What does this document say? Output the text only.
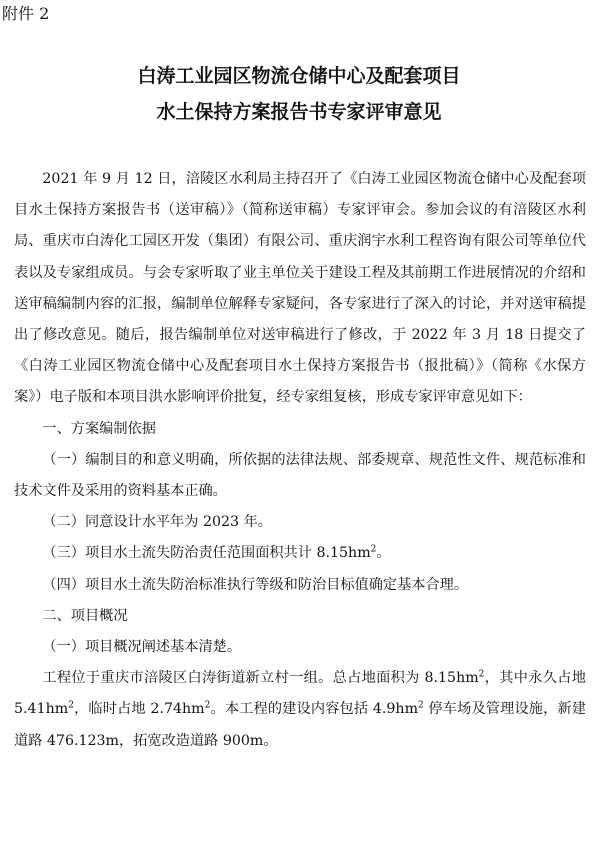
附件 2
白涛工业园区物流仓储中心及配套项目
水土保持方案报告书专家评审意见

2021 年 9 月 12 日，涪陵区水利局主持召开了《白涛工业园区物流仓储中心及配套项目水土保持方案报告书（送审稿）》（简称送审稿）专家评审会。参加会议的有涪陵区水利局、重庆市白涛化工园区开发（集团）有限公司、重庆润宇水利工程咨询有限公司等单位代表以及专家组成员。与会专家听取了业主单位关于建设工程及其前期工作进展情况的介绍和送审稿编制内容的汇报，编制单位解释专家疑问，各专家进行了深入的讨论，并对送审稿提出了修改意见。随后，报告编制单位对送审稿进行了修改，于 2022 年 3 月 18 日提交了《白涛工业园区物流仓储中心及配套项目水土保持方案报告书（报批稿）》（简称《水保方案》）电子版和本项目洪水影响评价批复，经专家组复核，形成专家评审意见如下：

一、方案编制依据

（一）编制目的和意义明确，所依据的法律法规、部委规章、规范性文件、规范标准和技术文件及采用的资料基本正确。

（二）同意设计水平年为 2023 年。

（三）项目水土流失防治责任范围面积共计 $8.15hm^2$。

（四）项目水土流失防治标准执行等级和防治目标值确定基本合理。

二、项目概况

（一）项目概况阐述基本清楚。

工程位于重庆市涪陵区白涛街道新立村一组。总占地面积为 $8.15hm^2$，其中永久占地 $5.41hm^2$，临时占地 $2.74hm^2$。本工程的建设内容包括 $4.9hm^2$ 停车场及管理设施，新建道路 476.123m，拓宽改造道路 900m。
